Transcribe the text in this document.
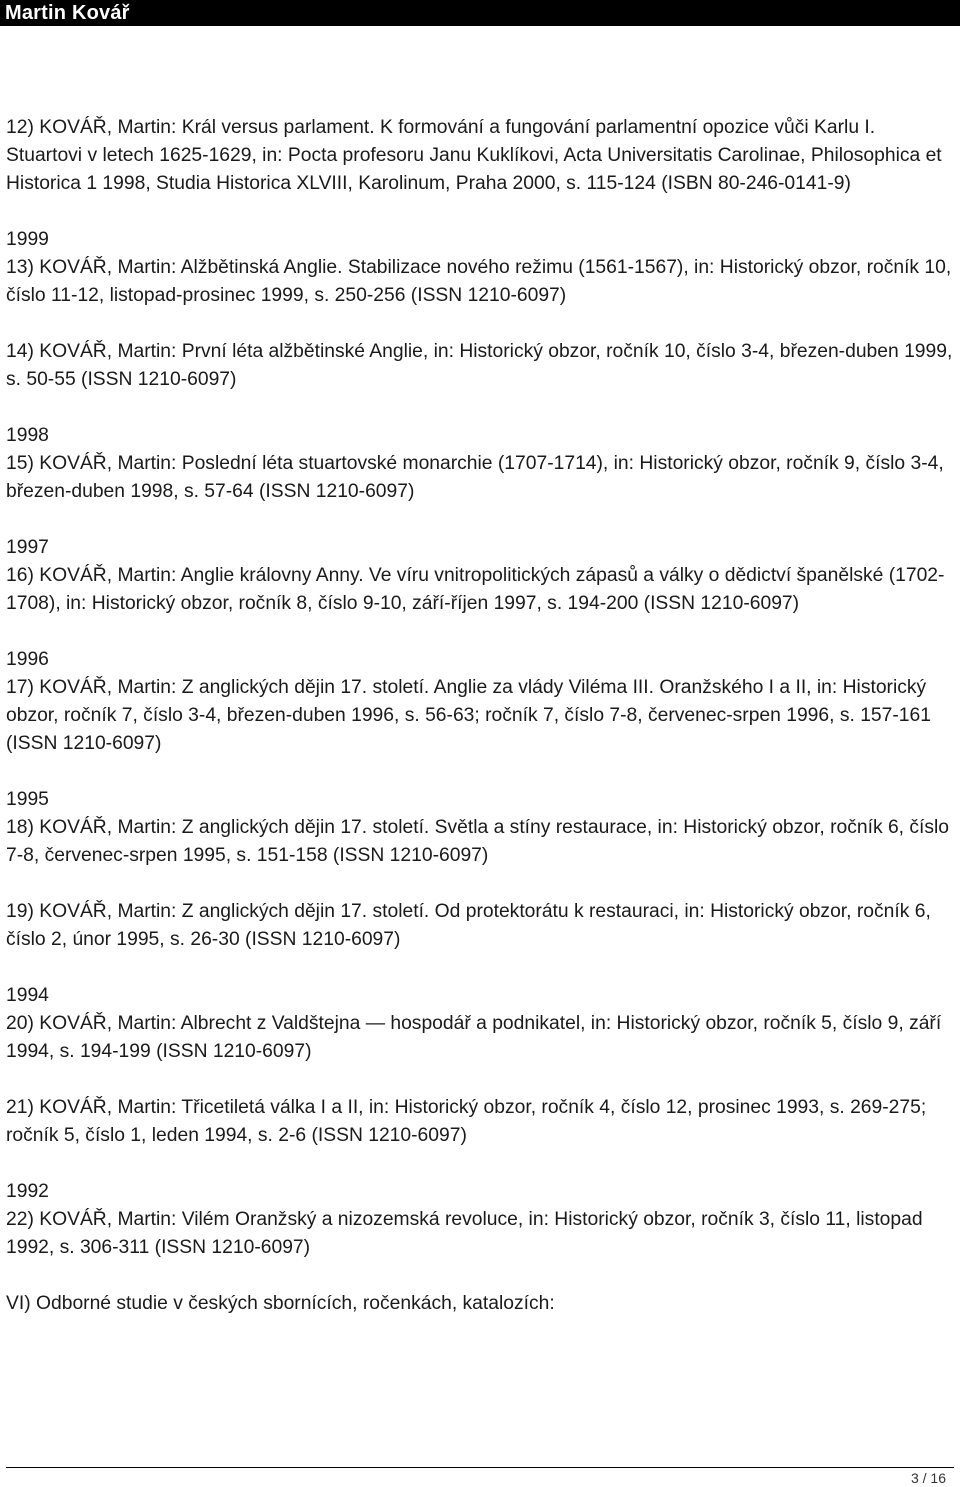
Martin Kovář

12) KOVÁŘ, Martin: Král versus parlament. K formování a fungování parlamentní opozice vůči Karlu I. Stuartovi v letech 1625-1629, in: Pocta profesoru Janu Kuklíkovi, Acta Universitatis Carolinae, Philosophica et Historica 1 1998, Studia Historica XLVIII, Karolinum, Praha 2000, s. 115-124 (ISBN 80-246-0141-9)

1999

13) KOVÁŘ, Martin: Alžbětinská Anglie. Stabilizace nového režimu (1561-1567), in: Historický obzor, ročník 10, číslo 11-12, listopad-prosinec 1999, s. 250-256 (ISSN 1210-6097)

14) KOVÁŘ, Martin: První léta alžbětinské Anglie, in: Historický obzor, ročník 10, číslo 3-4, březen-duben 1999, s. 50-55 (ISSN 1210-6097)

1998

15) KOVÁŘ, Martin: Poslední léta stuartovské monarchie (1707-1714), in: Historický obzor, ročník 9, číslo 3-4, březen-duben 1998, s. 57-64 (ISSN 1210-6097)

1997

16) KOVÁŘ, Martin: Anglie královny Anny. Ve víru vnitropolitických zápasů a války o dědictví španělské (1702-1708), in: Historický obzor, ročník 8, číslo 9-10, září-říjen 1997, s. 194-200 (ISSN 1210-6097)

1996

17) KOVÁŘ, Martin: Z anglických dějin 17. století. Anglie za vlády Viléma III. Oranžského I a II, in: Historický obzor, ročník 7, číslo 3-4, březen-duben 1996, s. 56-63; ročník 7, číslo 7-8, červenec-srpen 1996, s. 157-161 (ISSN 1210-6097)

1995

18) KOVÁŘ, Martin: Z anglických dějin 17. století. Světla a stíny restaurace, in: Historický obzor, ročník 6, číslo 7-8, červenec-srpen 1995, s. 151-158 (ISSN 1210-6097)

19) KOVÁŘ, Martin: Z anglických dějin 17. století. Od protektorátu k restauraci, in: Historický obzor, ročník 6, číslo 2, únor 1995, s. 26-30 (ISSN 1210-6097)

1994

20) KOVÁŘ, Martin: Albrecht z Valdštejna — hospodář a podnikatel, in: Historický obzor, ročník 5, číslo 9, září 1994, s. 194-199 (ISSN 1210-6097)

21) KOVÁŘ, Martin: Třicetiletá válka I a II, in: Historický obzor, ročník 4, číslo 12, prosinec 1993, s. 269-275; ročník 5, číslo 1, leden 1994, s. 2-6 (ISSN 1210-6097)

1992

22) KOVÁŘ, Martin: Vilém Oranžský a nizozemská revoluce, in: Historický obzor, ročník 3, číslo 11, listopad 1992, s. 306-311 (ISSN 1210-6097)

VI) Odborné studie v českých sbornících, ročenkách, katalozích:

3 / 16
